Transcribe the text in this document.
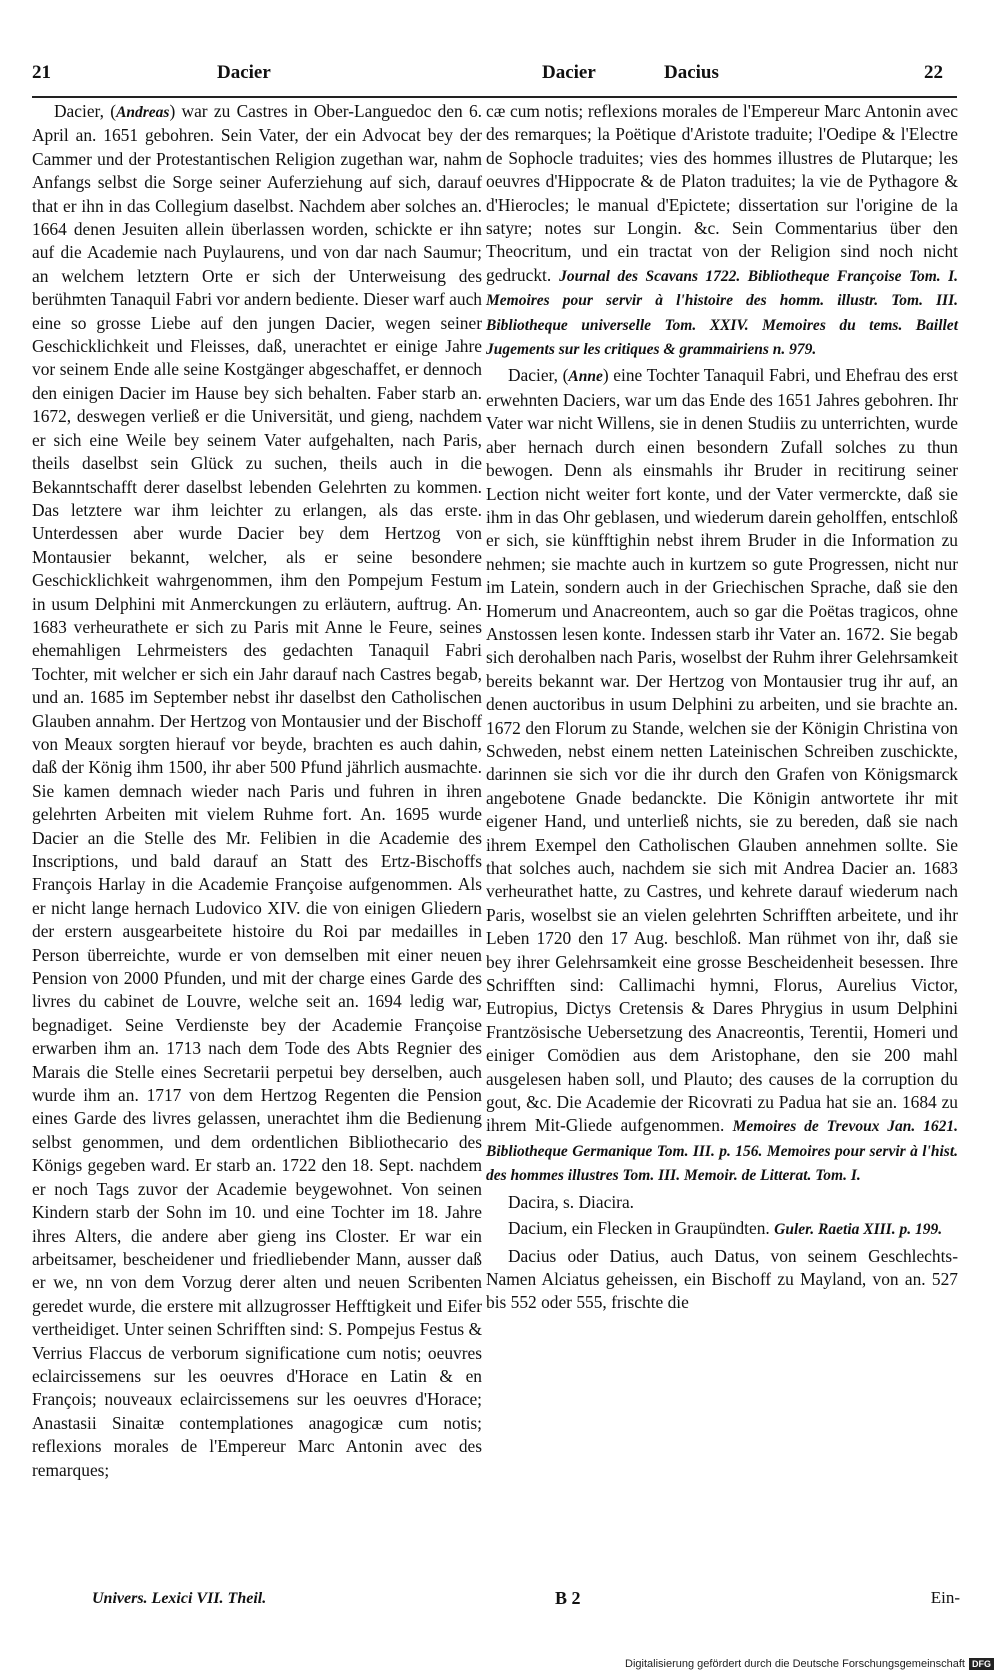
21	Dacier	Dacier	Dacius	22

Dacier, (Andreas) war zu Castres in Ober-Languedoc den 6. April an. 1651 gebohren. Sein Vater, der ein Advocat bey der Cammer und der Protestantischen Religion zugethan war, nahm Anfangs selbst die Sorge seiner Auferziehung auf sich, darauf that er ihn in das Collegium daselbst. Nachdem aber solches an. 1664 denen Jesuiten allein überlassen worden, schickte er ihn auf die Academie nach Puylaurens, und von dar nach Saumur; an welchem letztern Orte er sich der Unterweisung des berühmten Tanaquil Fabri vor andern bediente. Dieser warf auch eine so grosse Liebe auf den jungen Dacier, wegen seiner Geschicklichkeit und Fleisses, daß, unerachtet er einige Jahre vor seinem Ende alle seine Kostgänger abgeschaffet, er dennoch den einigen Dacier im Hause bey sich behalten. Faber starb an. 1672, deswegen verließ er die Universität, und gieng, nachdem er sich eine Weile bey seinem Vater aufgehalten, nach Paris, theils daselbst sein Glück zu suchen, theils auch in die Bekanntschafft derer daselbst lebenden Gelehrten zu kommen. Das letztere war ihm leichter zu erlangen, als das erste. Unterdessen aber wurde Dacier bey dem Hertzog von Montausier bekannt, welcher, als er seine besondere Geschicklichkeit wahrgenommen, ihm den Pompejum Festum in usum Delphini mit Anmerckungen zu erläutern, auftrug. An. 1683 verheurathete er sich zu Paris mit Anne le Feure, seines ehemahligen Lehrmeisters des gedachten Tanaquil Fabri Tochter, mit welcher er sich ein Jahr darauf nach Castres begab, und an. 1685 im September nebst ihr daselbst den Catholischen Glauben annahm. Der Hertzog von Montausier und der Bischoff von Meaux sorgten hierauf vor beyde, brachten es auch dahin, daß der König ihm 1500, ihr aber 500 Pfund jährlich ausmachte. Sie kamen demnach wieder nach Paris und fuhren in ihren gelehrten Arbeiten mit vielem Ruhme fort. An. 1695 wurde Dacier an die Stelle des Mr. Felibien in die Academie des Inscriptions, und bald darauf an Statt des Ertz-Bischoffs François Harlay in die Academie Françoise aufgenommen. Als er nicht lange hernach Ludovico XIV. die von einigen Gliedern der erstern ausgearbeitete histoire du Roi par medailles in Person überreichte, wurde er von demselben mit einer neuen Pension von 2000 Pfunden, und mit der charge eines Garde des livres du cabinet de Louvre, welche seit an. 1694 ledig war, begnadiget. Seine Verdienste bey der Academie Françoise erwarben ihm an. 1713 nach dem Tode des Abts Regnier des Marais die Stelle eines Secretarii perpetui bey derselben, auch wurde ihm an. 1717 von dem Hertzog Regenten die Pension eines Garde des livres gelassen, unerachtet ihm die Bedienung selbst genommen, und dem ordentlichen Bibliothecario des Königs gegeben ward. Er starb an. 1722 den 18. Sept. nachdem er noch Tags zuvor der Academie beygewohnet. Von seinen Kindern starb der Sohn im 10. und eine Tochter im 18. Jahre ihres Alters, die andere aber gieng ins Closter. Er war ein arbeitsamer, bescheidener und friedliebender Mann, ausser daß er we, nn von dem Vorzug derer alten und neuen Scribenten geredet wurde, die erstere mit allzugrosser Hefftigkeit und Eifer vertheidiget. Unter seinen Schrifften sind: S. Pompejus Festus & Verrius Flaccus de verborum significatione cum notis; oeuvres eclaircissemens sur les oeuvres d'Horace en Latin & en François; nouveaux eclaircissemens sur les oeuvres d'Horace; Anastasii Sinaitæ contemplationes anagogicæ cum notis; reflexions morales de l'Empereur Marc Antonin avec des remarques;

cæ cum notis; reflexions morales de l'Empereur Marc Antonin avec des remarques; la Poëtique d'Aristote traduite; l'Oedipe & l'Electre de Sophocle traduites; vies des hommes illustres de Plutarque; les oeuvres d'Hippocrate & de Platon traduites; la vie de Pythagore & d'Hierocles; le manual d'Epictete; dissertation sur l'origine de la satyre; notes sur Longin. &c. Sein Commentarius über den Theocritum, und ein tractat von der Religion sind noch nicht gedruckt. Journal des Scavans 1722. Bibliotheque Françoise Tom. I. Memoires pour servir à l'histoire des homm. illustr. Tom. III. Bibliotheque universelle Tom. XXIV. Memoires du tems. Baillet Jugements sur les critiques & grammairiens n. 979.

Dacier, (Anne) eine Tochter Tanaquil Fabri, und Ehefrau des erst erwehnten Daciers, war um das Ende des 1651 Jahres gebohren. Ihr Vater war nicht Willens, sie in denen Studiis zu unterrichten, wurde aber hernach durch einen besondern Zufall solches zu thun bewogen. Denn als einsmahls ihr Bruder in recitirung seiner Lection nicht weiter fort konte, und der Vater vermerckte, daß sie ihm in das Ohr geblasen, und wiederum darein geholffen, entschloß er sich, sie künfftighin nebst ihrem Bruder in die Information zu nehmen; sie machte auch in kurtzem so gute Progressen, nicht nur im Latein, sondern auch in der Griechischen Sprache, daß sie den Homerum und Anacreontem, auch so gar die Poëtas tragicos, ohne Anstossen lesen konte. Indessen starb ihr Vater an. 1672. Sie begab sich derohalben nach Paris, woselbst der Ruhm ihrer Gelehrsamkeit bereits bekannt war. Der Hertzog von Montausier trug ihr auf, an denen auctoribus in usum Delphini zu arbeiten, und sie brachte an. 1672 den Florum zu Stande, welchen sie der Königin Christina von Schweden, nebst einem netten Lateinischen Schreiben zuschickte, darinnen sie sich vor die ihr durch den Grafen von Königsmarck angebotene Gnade bedanckte. Die Königin antwortete ihr mit eigener Hand, und unterließ nichts, sie zu bereden, daß sie nach ihrem Exempel den Catholischen Glauben annehmen sollte. Sie that solches auch, nachdem sie sich mit Andrea Dacier an. 1683 verheurathet hatte, zu Castres, und kehrete darauf wiederum nach Paris, woselbst sie an vielen gelehrten Schrifften arbeitete, und ihr Leben 1720 den 17 Aug. beschloß. Man rühmet von ihr, daß sie bey ihrer Gelehrsamkeit eine grosse Bescheidenheit besessen. Ihre Schrifften sind: Callimachi hymni, Florus, Aurelius Victor, Eutropius, Dictys Cretensis & Dares Phrygius in usum Delphini Frantzösische Uebersetzung des Anacreontis, Terentii, Homeri und einiger Comödien aus dem Aristophane, den sie 200 mahl ausgelesen haben soll, und Plauto; des causes de la corruption du gout, &c. Die Academie der Ricovrati zu Padua hat sie an. 1684 zu ihrem Mit-Gliede aufgenommen. Memoires de Trevoux Jan. 1621. Bibliotheque Germanique Tom. III. p. 156. Memoires pour servir à l'hist. des hommes illustres Tom. III. Memoir. de Litterat. Tom. I.

Dacira, s. Diacira.

Dacium, ein Flecken in Graupündten. Guler. Raetia XIII. p. 199.

Dacius oder Datius, auch Datus, von seinem Geschlechts-Namen Alciatus geheissen, ein Bischoff zu Mayland, von an. 527 bis 552 oder 555, frischte die

Univers. Lexici VII. Theil.	B 2	Ein-
Digitalisierung gefördert durch die Deutsche Forschungsgemeinschaft DFG
